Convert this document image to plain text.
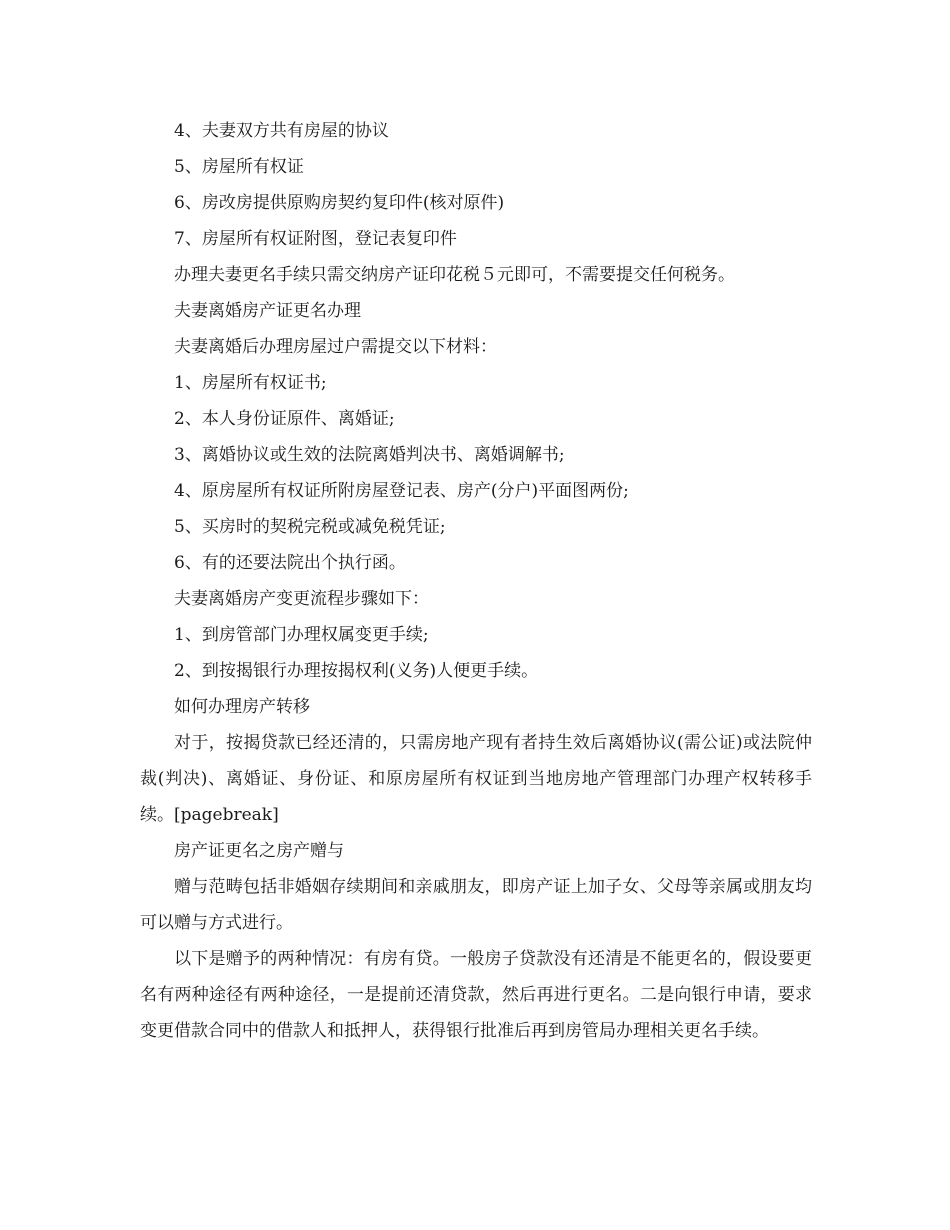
4、夫妻双方共有房屋的协议
5、房屋所有权证
6、房改房提供原购房契约复印件(核对原件)
7、房屋所有权证附图，登记表复印件
办理夫妻更名手续只需交纳房产证印花税５元即可，不需要提交任何税务。
夫妻离婚房产证更名办理
夫妻离婚后办理房屋过户需提交以下材料：
1、房屋所有权证书;
2、本人身份证原件、离婚证;
3、离婚协议或生效的法院离婚判决书、离婚调解书;
4、原房屋所有权证所附房屋登记表、房产(分户)平面图两份;
5、买房时的契税完税或减免税凭证;
6、有的还要法院出个执行函。
夫妻离婚房产变更流程步骤如下：
1、到房管部门办理权属变更手续;
2、到按揭银行办理按揭权利(义务)人便更手续。
如何办理房产转移
对于，按揭贷款已经还清的，只需房地产现有者持生效后离婚协议(需公证)或法院仲裁(判决)、离婚证、身份证、和原房屋所有权证到当地房地产管理部门办理产权转移手续。[pagebreak]
房产证更名之房产赠与
赠与范畴包括非婚姻存续期间和亲戚朋友，即房产证上加子女、父母等亲属或朋友均可以赠与方式进行。
以下是赠予的两种情况：有房有贷。一般房子贷款没有还清是不能更名的，假设要更名有两种途径有两种途径，一是提前还清贷款，然后再进行更名。二是向银行申请，要求变更借款合同中的借款人和抵押人，获得银行批准后再到房管局办理相关更名手续。
